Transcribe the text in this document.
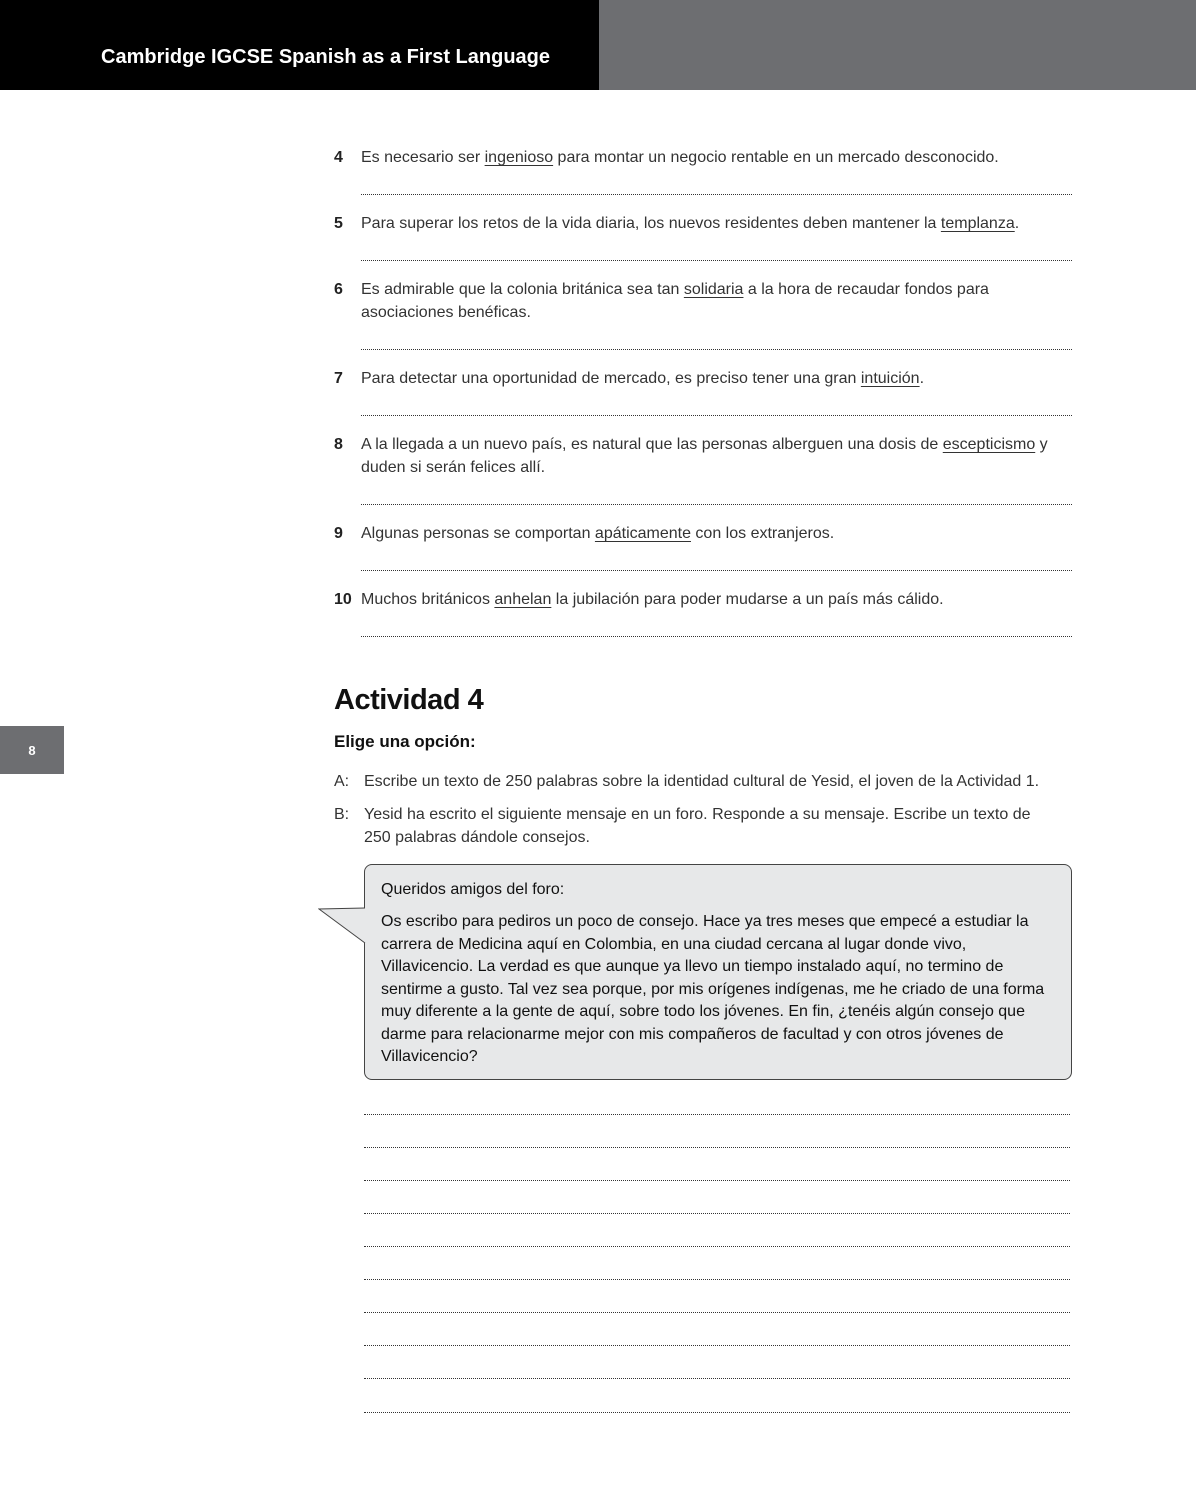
Cambridge IGCSE Spanish as a First Language
8
4 Es necesario ser ingenioso para montar un negocio rentable en un mercado desconocido.
5 Para superar los retos de la vida diaria, los nuevos residentes deben mantener la templanza.
6 Es admirable que la colonia británica sea tan solidaria a la hora de recaudar fondos para asociaciones benéficas.
7 Para detectar una oportunidad de mercado, es preciso tener una gran intuición.
8 A la llegada a un nuevo país, es natural que las personas alberguen una dosis de escepticismo y duden si serán felices allí.
9 Algunas personas se comportan apáticamente con los extranjeros.
10 Muchos británicos anhelan la jubilación para poder mudarse a un país más cálido.
Actividad 4
Elige una opción:
A: Escribe un texto de 250 palabras sobre la identidad cultural de Yesid, el joven de la Actividad 1.
B: Yesid ha escrito el siguiente mensaje en un foro. Responde a su mensaje. Escribe un texto de 250 palabras dándole consejos.
Queridos amigos del foro:
Os escribo para pediros un poco de consejo. Hace ya tres meses que empecé a estudiar la carrera de Medicina aquí en Colombia, en una ciudad cercana al lugar donde vivo, Villavicencio. La verdad es que aunque ya llevo un tiempo instalado aquí, no termino de sentirme a gusto. Tal vez sea porque, por mis orígenes indígenas, me he criado de una forma muy diferente a la gente de aquí, sobre todo los jóvenes. En fin, ¿tenéis algún consejo que darme para relacionarme mejor con mis compañeros de facultad y con otros jóvenes de Villavicencio?
